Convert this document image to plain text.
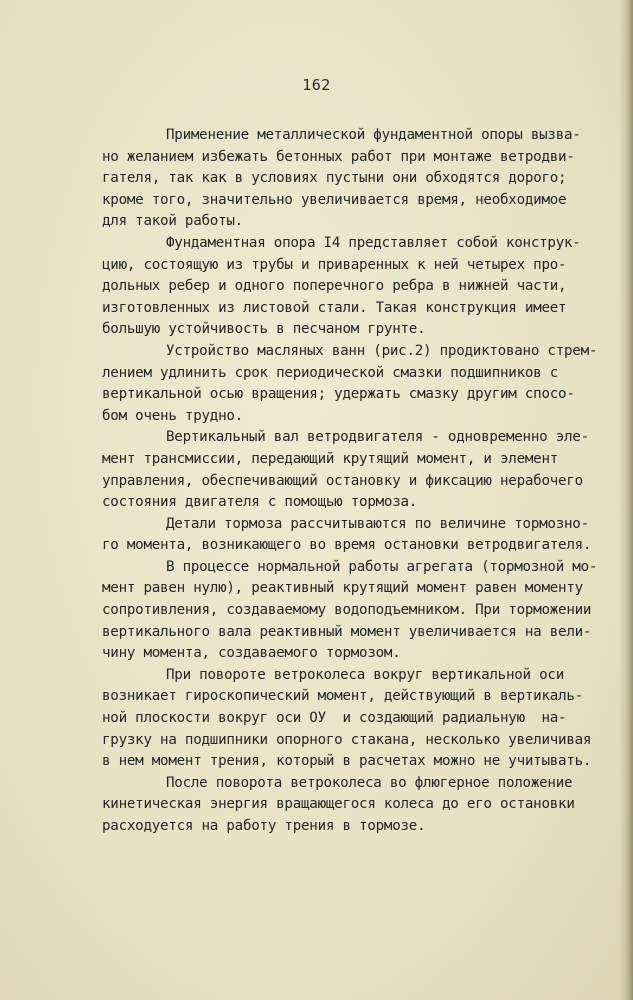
162
Применение металлической фундаментной опоры вызва-
но желанием избежать бетонных работ при монтаже ветродви-
гателя, так как в условиях пустыни они обходятся дорого;
кроме того, значительно увеличивается время, необходимое
для такой работы.
Фундаментная опора I4 представляет собой конструк-
цию, состоящую из трубы и приваренных к ней четырех про-
дольных ребер и одного поперечного ребра в нижней части,
изготовленных из листовой стали. Такая конструкция имеет
большую устойчивость в песчаном грунте.
Устройство масляных ванн (рис.2) продиктовано стрем-
лением удлинить срок периодической смазки подшипников с
вертикальной осью вращения; удержать смазку другим спосо-
бом очень трудно.
Вертикальный вал ветродвигателя - одновременно эле-
мент трансмиссии, передающий крутящий момент, и элемент
управления, обеспечивающий остановку и фиксацию нерабочего
состояния двигателя с помощью тормоза.
Детали тормоза рассчитываются по величине тормозно-
го момента, возникающего во время остановки ветродвигателя.
В процессе нормальной работы агрегата (тормозной мо-
мент равен нулю), реактивный крутящий момент равен моменту
сопротивления, создаваемому водоподъемником. При торможении
вертикального вала реактивный момент увеличивается на вели-
чину момента, создаваемого тормозом.
При повороте ветроколеса вокруг вертикальной оси
возникает гироскопический момент, действующий в вертикаль-
ной плоскости вокруг оси ОУ  и создающий радиальную  на-
грузку на подшипники опорного стакана, несколько увеличивая
в нем момент трения, который в расчетах можно не учитывать.
После поворота ветроколеса во флюгерное положение
кинетическая энергия вращающегося колеса до его остановки
расходуется на работу трения в тормозе.
